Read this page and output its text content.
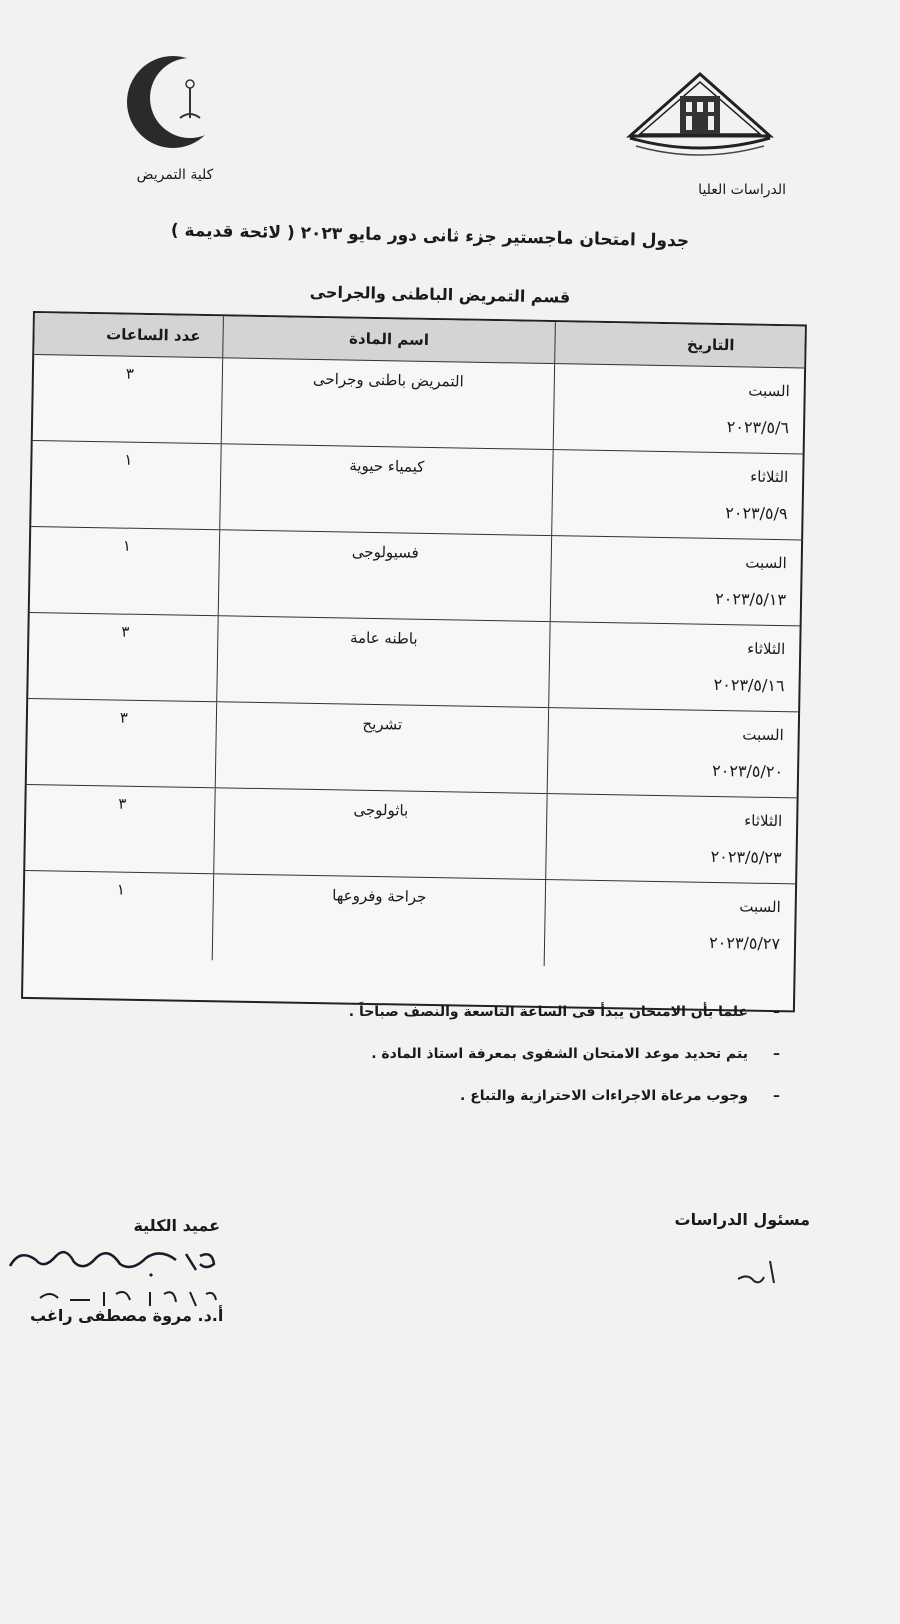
الدراسات العليا
كلية التمريض
جدول امتحان ماجستير جزء ثانى دور مايو ٢٠٢٣ ( لائحة قديمة )
قسم التمريض الباطنى والجراحى
التاريخ
اسم المادة
عدد الساعات
السبت
٢٠٢٣/٥/٦
التمريض باطنى وجراحى
٣
الثلاثاء
٢٠٢٣/٥/٩
كيمياء حيوية
١
السبت
٢٠٢٣/٥/١٣
فسيولوجى
١
الثلاثاء
٢٠٢٣/٥/١٦
باطنه عامة
٣
السبت
٢٠٢٣/٥/٢٠
تشريح
٣
الثلاثاء
٢٠٢٣/٥/٢٣
باثولوجى
٣
السبت
٢٠٢٣/٥/٢٧
جراحة وفروعها
١
–
علما بأن الامتحان يبدأ فى الساعة التاسعة والنصف صباحاً .
–
يتم تحديد موعد الامتحان الشفوى بمعرفة استاذ المادة .
–
وجوب مرعاة الاجراءات الاحترازية والتباع .
مسئول الدراسات
عميد الكلية
أ.د. مروة مصطفى راغب
